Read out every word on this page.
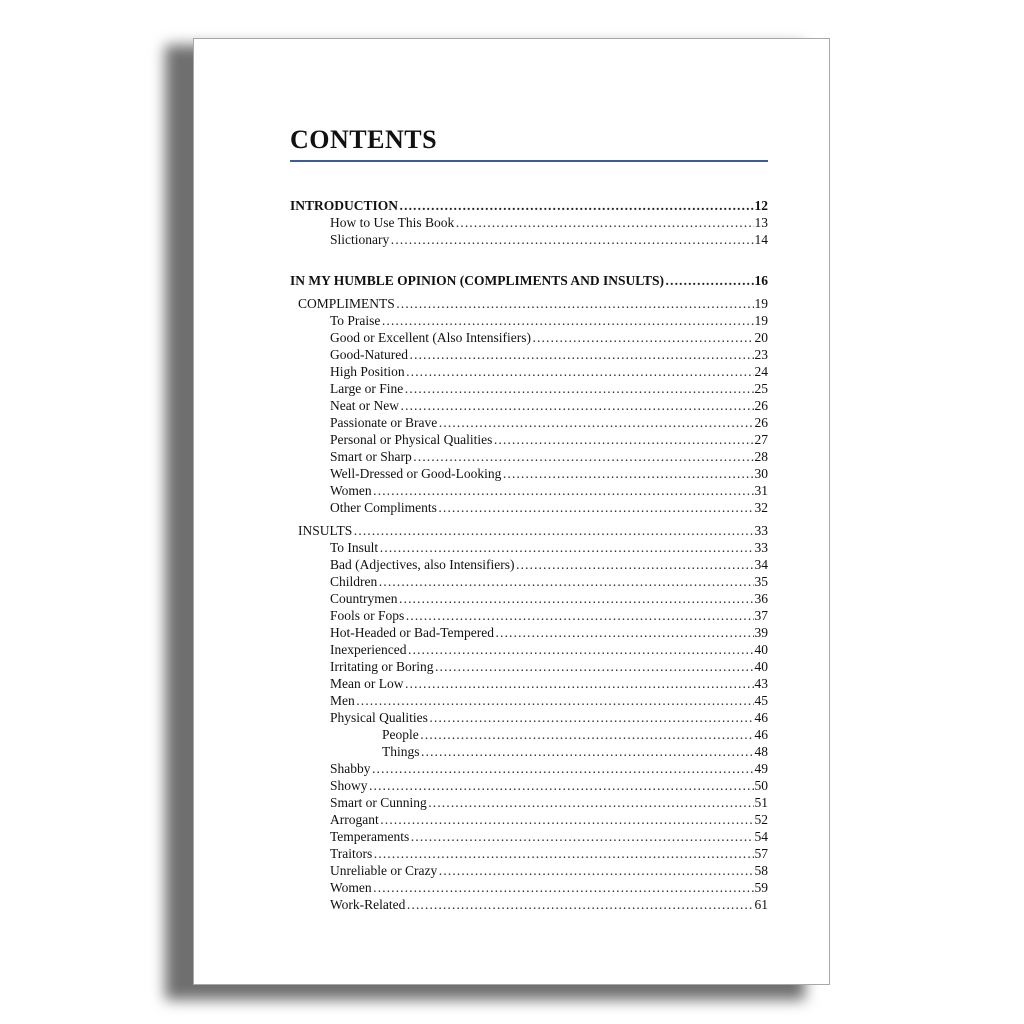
CONTENTS
INTRODUCTION ……………………………………………………………………………………………………………………………………………………	12
How to Use This Book ……………………………………………………………………………………………………………………………………………………	13
Slictionary ……………………………………………………………………………………………………………………………………………………	14
IN MY HUMBLE OPINION (COMPLIMENTS AND INSULTS) ……………………………………………………………………………………………………………………………………………………	16
COMPLIMENTS ……………………………………………………………………………………………………………………………………………………	19
To Praise ……………………………………………………………………………………………………………………………………………………	19
Good or Excellent (Also Intensifiers) ……………………………………………………………………………………………………………………………………………………	20
Good-Natured ……………………………………………………………………………………………………………………………………………………	23
High Position ……………………………………………………………………………………………………………………………………………………	24
Large or Fine ……………………………………………………………………………………………………………………………………………………	25
Neat or New ……………………………………………………………………………………………………………………………………………………	26
Passionate or Brave ……………………………………………………………………………………………………………………………………………………	26
Personal or Physical Qualities ……………………………………………………………………………………………………………………………………………………	27
Smart or Sharp ……………………………………………………………………………………………………………………………………………………	28
Well-Dressed or Good-Looking ……………………………………………………………………………………………………………………………………………………	30
Women ……………………………………………………………………………………………………………………………………………………	31
Other Compliments ……………………………………………………………………………………………………………………………………………………	32
INSULTS ……………………………………………………………………………………………………………………………………………………	33
To Insult ……………………………………………………………………………………………………………………………………………………	33
Bad (Adjectives, also Intensifiers) ……………………………………………………………………………………………………………………………………………………	34
Children ……………………………………………………………………………………………………………………………………………………	35
Countrymen ……………………………………………………………………………………………………………………………………………………	36
Fools or Fops ……………………………………………………………………………………………………………………………………………………	37
Hot-Headed or Bad-Tempered ……………………………………………………………………………………………………………………………………………………	39
Inexperienced ……………………………………………………………………………………………………………………………………………………	40
Irritating or Boring ……………………………………………………………………………………………………………………………………………………	40
Mean or Low ……………………………………………………………………………………………………………………………………………………	43
Men ……………………………………………………………………………………………………………………………………………………	45
Physical Qualities ……………………………………………………………………………………………………………………………………………………	46
People ……………………………………………………………………………………………………………………………………………………	46
Things ……………………………………………………………………………………………………………………………………………………	48
Shabby ……………………………………………………………………………………………………………………………………………………	49
Showy ……………………………………………………………………………………………………………………………………………………	50
Smart or Cunning ……………………………………………………………………………………………………………………………………………………	51
Arrogant ……………………………………………………………………………………………………………………………………………………	52
Temperaments ……………………………………………………………………………………………………………………………………………………	54
Traitors ……………………………………………………………………………………………………………………………………………………	57
Unreliable or Crazy ……………………………………………………………………………………………………………………………………………………	58
Women ……………………………………………………………………………………………………………………………………………………	59
Work-Related ……………………………………………………………………………………………………………………………………………………	61
